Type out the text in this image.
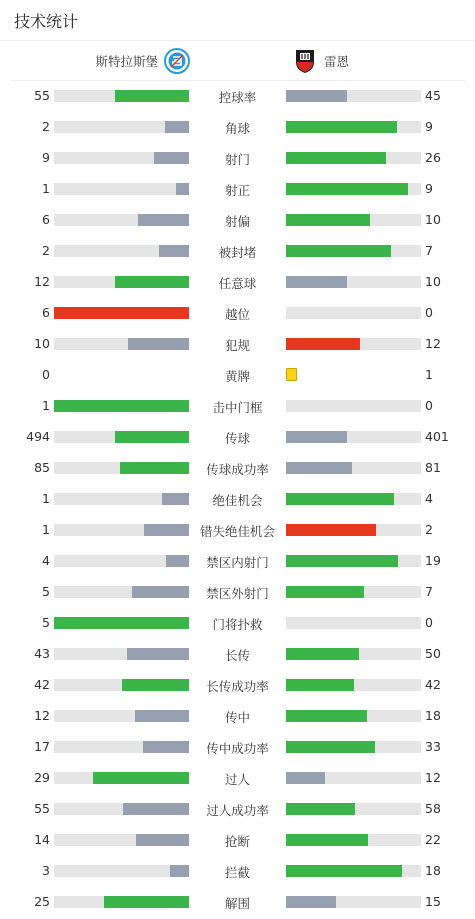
技术统计
斯特拉斯堡	雷恩
55	控球率	45
2	角球	9
9	射门	26
1	射正	9
6	射偏	10
2	被封堵	7
12	任意球	10
6	越位	0
10	犯规	12
0	黄牌	1
1	击中门框	0
494	传球	401
85	传球成功率	81
1	绝佳机会	4
1	错失绝佳机会	2
4	禁区内射门	19
5	禁区外射门	7
5	门将扑救	0
43	长传	50
42	长传成功率	42
12	传中	18
17	传中成功率	33
29	过人	12
55	过人成功率	58
14	抢断	22
3	拦截	18
25	解围	15
